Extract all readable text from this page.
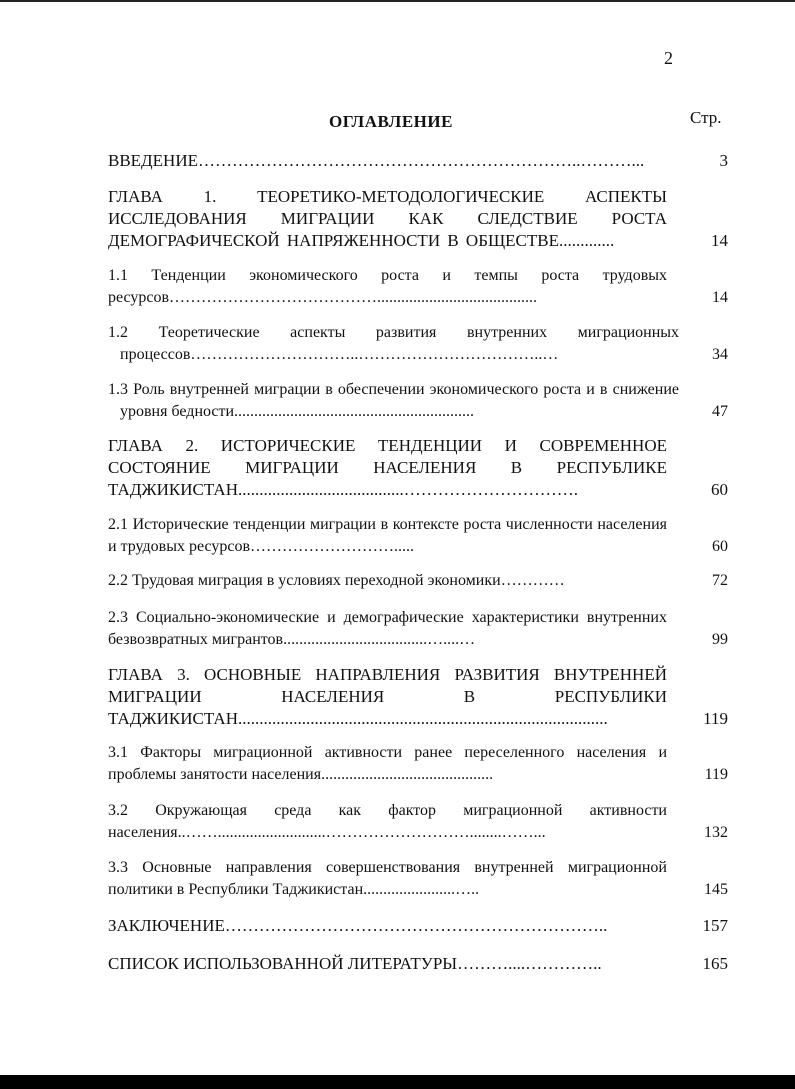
2
ОГЛАВЛЕНИЕ	Стр.
ВВЕДЕНИЕ…………………………………………………………..………...	3
ГЛАВА 1. ТЕОРЕТИКО-МЕТОДОЛОГИЧЕСКИЕ АСПЕКТЫ ИССЛЕДОВАНИЯ МИГРАЦИИ КАК СЛЕДСТВИЕ РОСТА ДЕМОГРАФИЧЕСКОЙ НАПРЯЖЕННОСТИ В ОБЩЕСТВЕ.............	14
1.1 Тенденции экономического роста и темпы роста трудовых ресурсов…………………………………........................................	14
1.2 Теоретические аспекты развития внутренних миграционных процессов…………………………..……………………………..…	34
1.3 Роль внутренней миграции в обеспечении экономического роста и в снижение уровня бедности............................................................	47
ГЛАВА 2. ИСТОРИЧЕСКИЕ ТЕНДЕНЦИИ И СОВРЕМЕННОЕ СОСТОЯНИЕ МИГРАЦИИ НАСЕЛЕНИЯ В РЕСПУБЛИКЕ ТАДЖИКИСТАН.......................................………………………….	60
2.1 Исторические тенденции миграции в контексте роста численности населения и трудовых ресурсов……………………….....	60
2.2 Трудовая миграция в условиях переходной экономики…………	72
2.3 Социально-экономические и демографические характеристики внутренних безвозвратных мигрантов....................................…....…	99
ГЛАВА 3. ОСНОВНЫЕ НАПРАВЛЕНИЯ РАЗВИТИЯ ВНУТРЕННЕЙ МИГРАЦИИ НАСЕЛЕНИЯ В РЕСПУБЛИКИ ТАДЖИКИСТАН.......................................................................................	119
3.1 Факторы миграционной активности ранее переселенного населения и проблемы занятости населения...........................................	119
3.2 Окружающая среда как фактор миграционной активности населения..……...........................………………………........……...	132
3.3 Основные направления совершенствования внутренней миграционной политики в Республики Таджикистан.......................…..	145
ЗАКЛЮЧЕНИЕ…………………………………………………………..	157
СПИСОК ИСПОЛЬЗОВАННОЙ ЛИТЕРАТУРЫ………....…………..	165
